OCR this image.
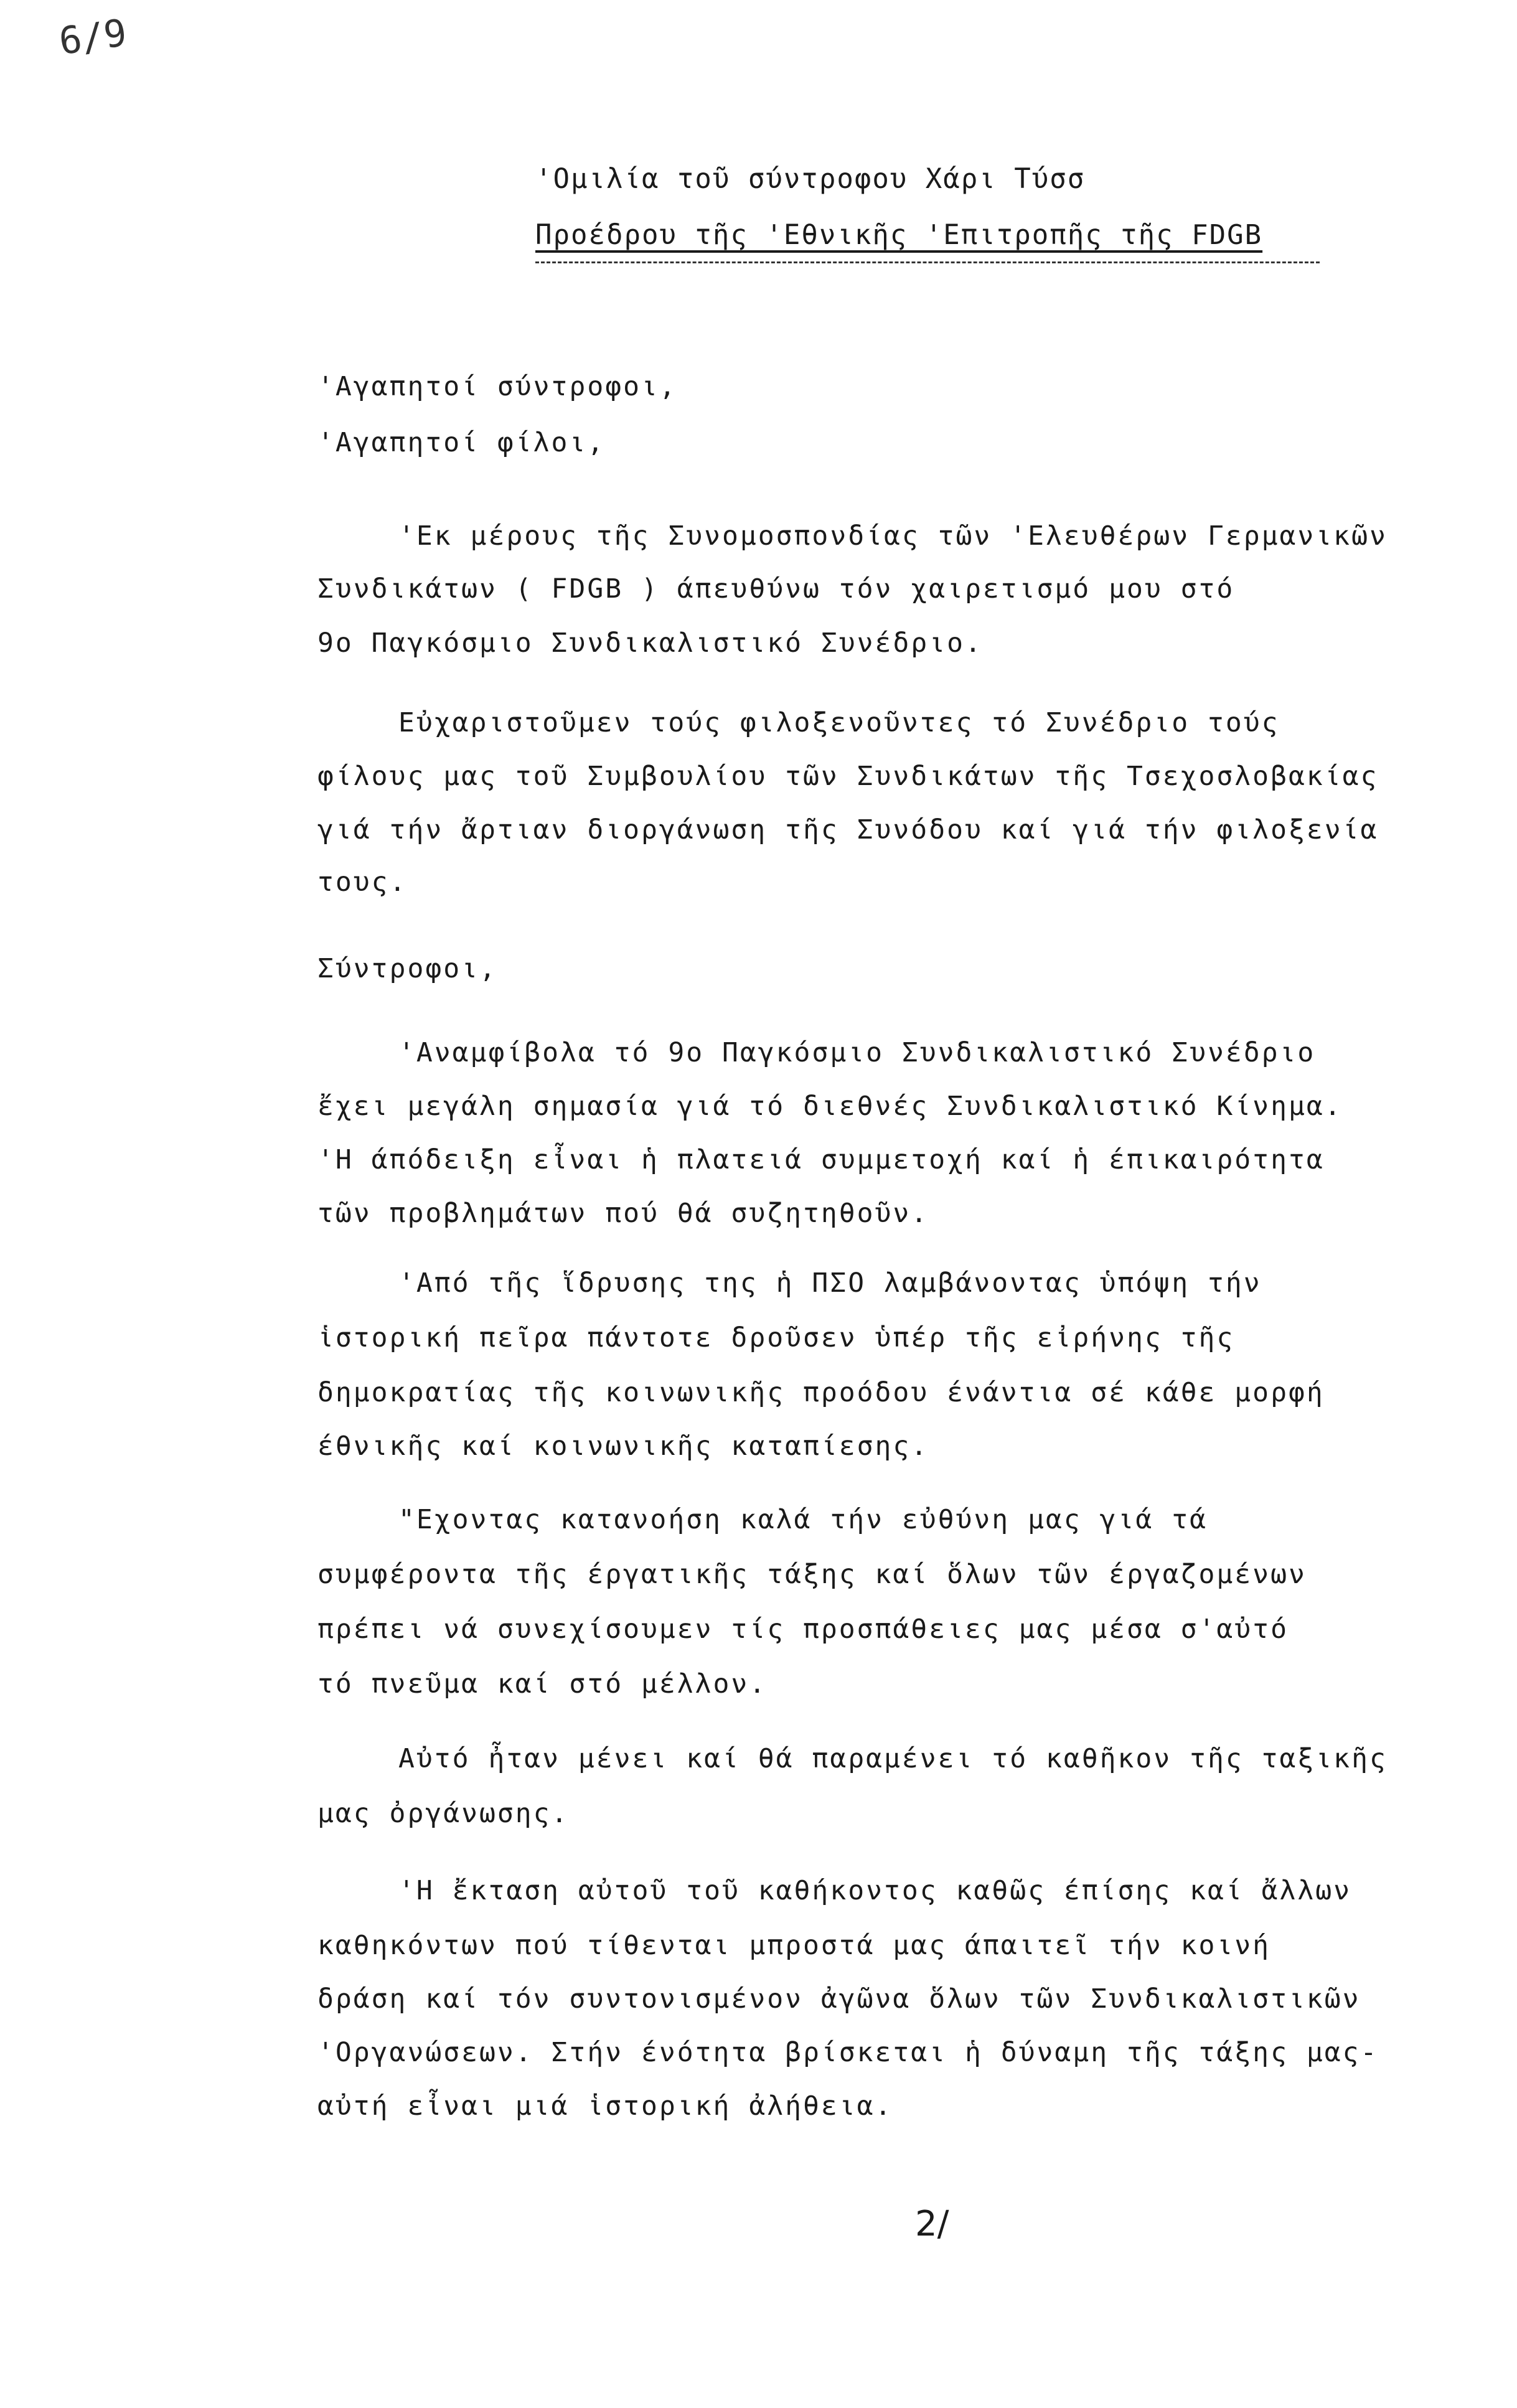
6/9
'Ομιλία τοῦ σύντροφου Χάρι Τύσσ
Προέδρου τῆς 'Εθνικῆς 'Επιτροπῆς τῆς FDGB
'Αγαπητοί σύντροφοι,
'Αγαπητοί φίλοι,
'Εκ μέρους τῆς Συνομοσπονδίας τῶν 'Ελευθέρων Γερμανικῶν
Συνδικάτων ( FDGB ) άπευθύνω τόν χαιρετισμό μου στό
9ο Παγκόσμιο Συνδικαλιστικό Συνέδριο.
Εὐχαριστοῦμεν τούς φιλοξενοῦντες τό Συνέδριο τούς
φίλους μας τοῦ Συμβουλίου τῶν Συνδικάτων τῆς Τσεχοσλοβακίας
γιά τήν ἄρτιαν διοργάνωση τῆς Συνόδου καί γιά τήν φιλοξενία
τους.
Σύντροφοι,
'Αναμφίβολα τό 9ο Παγκόσμιο Συνδικαλιστικό Συνέδριο
ἔχει μεγάλη σημασία γιά τό διεθνές Συνδικαλιστικό Κίνημα.
'Η άπόδειξη εἶναι ἡ πλατειά συμμετοχή καί ἡ έπικαιρότητα
τῶν προβλημάτων πού θά συζητηθοῦν.
'Από τῆς ἵδρυσης της ἡ ΠΣΟ λαμβάνοντας ὑπόψη τήν
ἱστορική πεῖρα πάντοτε δροῦσεν ὑπέρ τῆς εἰρήνης τῆς
δημοκρατίας τῆς κοινωνικῆς προόδου ένάντια σέ κάθε μορφή
έθνικῆς καί κοινωνικῆς καταπίεσης.
"Εχοντας κατανοήση καλά τήν εὐθύνη μας γιά τά
συμφέροντα τῆς έργατικῆς τάξης καί ὅλων τῶν έργαζομένων
πρέπει νά συνεχίσουμεν τίς προσπάθειες μας μέσα σ'αὐτό
τό πνεῦμα καί στό μέλλον.
Αὐτό ἦταν μένει καί θά παραμένει τό καθῆκον τῆς ταξικῆς
μας ὀργάνωσης.
'Η ἔκταση αὐτοῦ τοῦ καθήκοντος καθῶς έπίσης καί ἄλλων
καθηκόντων πού τίθενται μπροστά μας άπαιτεῖ τήν κοινή
δράση καί τόν συντονισμένον ἀγῶνα ὅλων τῶν Συνδικαλιστικῶν
'Οργανώσεων. Στήν ένότητα βρίσκεται ἡ δύναμη τῆς τάξης μας-
αὐτή εἶναι μιά ἱστορική ἀλήθεια.
2/
